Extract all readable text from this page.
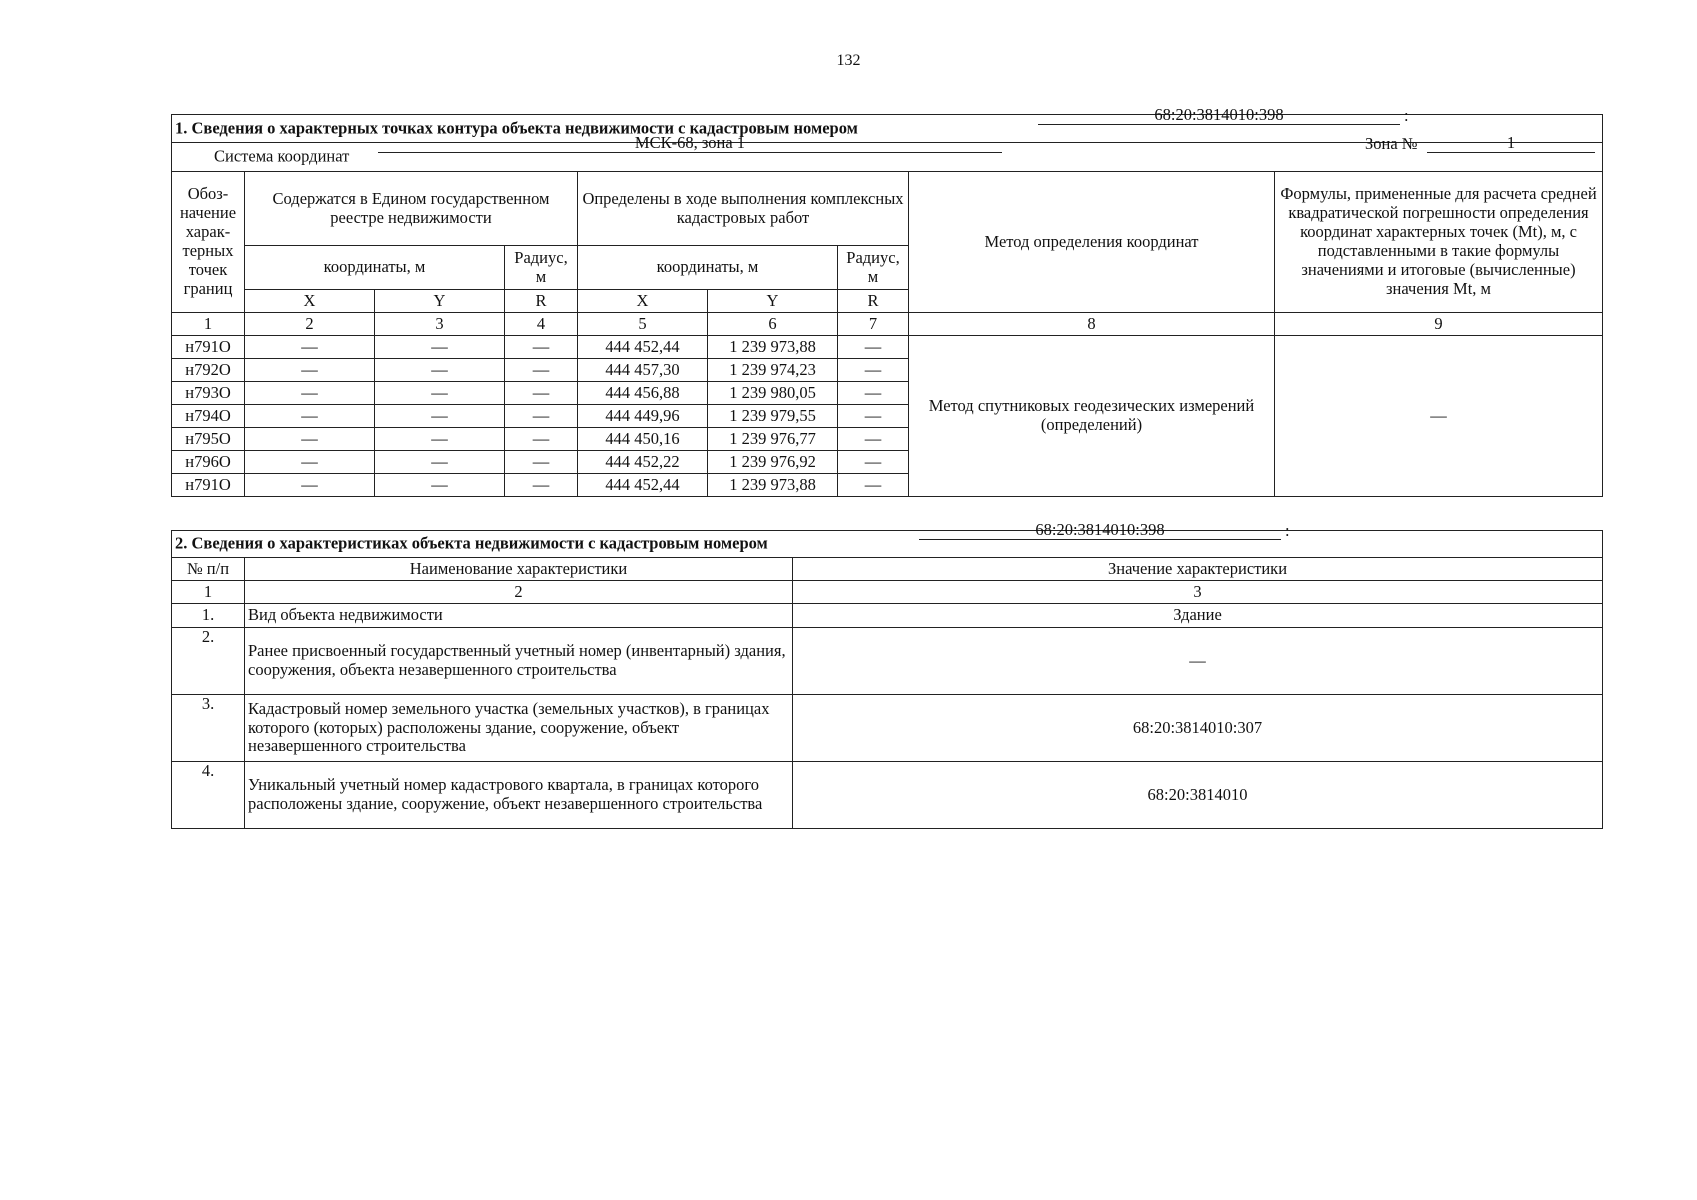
132
1. Сведения о характерных точках контура объекта недвижимости с кадастровым номером
68:20:3814010:398 :								

Система координат
МСК-68, зона 1 Зона № 1								

Обоз-начение харак-терных точек границ	Содержатся в Едином государственном реестре недвижимости			Определены в ходе выполнения комплексных кадастровых работ			Метод определения координат	Формулы, примененные для расчета средней квадратической погрешности определения координат характерных точек (Mt), м, с подставленными в такие формулы значениями и итоговые (вычисленные) значения Mt, м
	координаты, м		Радиус, м	координаты, м		Радиус, м		
	X	Y	R	X	Y	R		
1	2	3	4	5	6	7	8	9
н791О	—	—	—	444 452,44	1 239 973,88	—	Метод спутниковых геодезических измерений (определений)	—
н792О	—	—	—	444 457,30	1 239 974,23	—		
н793О	—	—	—	444 456,88	1 239 980,05	—		
н794О	—	—	—	444 449,96	1 239 979,55	—		
н795О	—	—	—	444 450,16	1 239 976,77	—		
н796О	—	—	—	444 452,22	1 239 976,92	—		
н791О	—	—	—	444 452,44	1 239 973,88	—		
2. Сведения о характеристиках объекта недвижимости с кадастровым номером
68:20:3814010:398 :		

№ п/п	Наименование характеристики	Значение характеристики
1	2	3
1.	Вид объекта недвижимости	Здание
2.	Ранее присвоенный государственный учетный номер (инвентарный) здания, сооружения, объекта незавершенного строительства	—
3.	Кадастровый номер земельного участка (земельных участков), в границах которого (которых) расположены здание, сооружение, объект незавершенного строительства	68:20:3814010:307
4.	Уникальный учетный номер кадастрового квартала, в границах которого расположены здание, сооружение, объект незавершенного строительства	68:20:3814010
